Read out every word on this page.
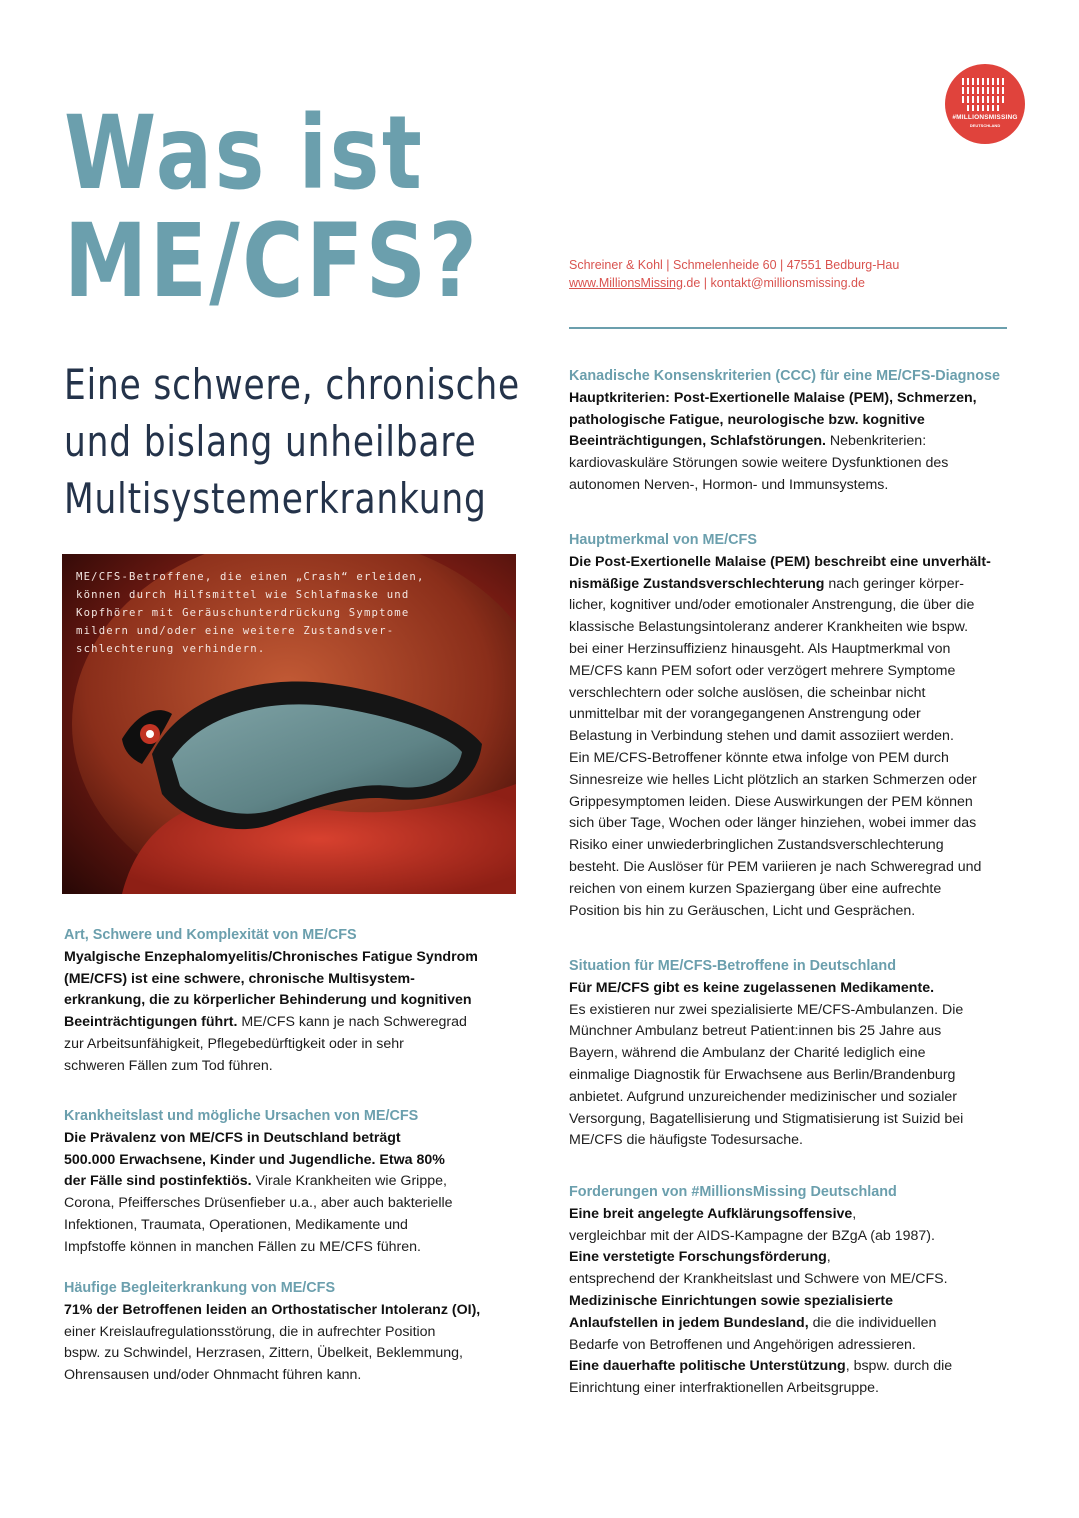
Was ist
ME/CFS?
Eine schwere, chronische
und bislang unheilbare
Multisystemerkrankung
#MILLIONSMISSING
DEUTSCHLAND
Schreiner & Kohl | Schmelenheide 60 | 47551 Bedburg-Hau
www.MillionsMissing.de | kontakt@millionsmissing.de
ME/CFS-Betroffene, die einen „Crash“ erleiden,
können durch Hilfsmittel wie Schlafmaske und
Kopfhörer mit Geräuschunterdrückung Symptome
mildern und/oder eine weitere Zustandsver-
schlechterung verhindern.
Art, Schwere und Komplexität von ME/CFS
Myalgische Enzephalomyelitis/Chronisches Fatigue Syndrom
(ME/CFS) ist eine schwere, chronische Multisystem-
erkrankung, die zu körperlicher Behinderung und kognitiven
Beeinträchtigungen führt. ME/CFS kann je nach Schweregrad
zur Arbeitsunfähigkeit, Pflegebedürftigkeit oder in sehr
schweren Fällen zum Tod führen.
Krankheitslast und mögliche Ursachen von ME/CFS
Die Prävalenz von ME/CFS in Deutschland beträgt
500.000 Erwachsene, Kinder und Jugendliche. Etwa 80%
der Fälle sind postinfektiös. Virale Krankheiten wie Grippe,
Corona, Pfeiffersches Drüsenfieber u.a., aber auch bakterielle
Infektionen, Traumata, Operationen, Medikamente und
Impfstoffe können in manchen Fällen zu ME/CFS führen.
Häufige Begleiterkrankung von ME/CFS
71% der Betroffenen leiden an Orthostatischer Intoleranz (OI),
einer Kreislaufregulationsstörung, die in aufrechter Position
bspw. zu Schwindel, Herzrasen, Zittern, Übelkeit, Beklemmung,
Ohrensausen und/oder Ohnmacht führen kann.
Kanadische Konsenskriterien (CCC) für eine ME/CFS-Diagnose
Hauptkriterien: Post-Exertionelle Malaise (PEM), Schmerzen,
pathologische Fatigue, neurologische bzw. kognitive
Beeinträchtigungen, Schlafstörungen. Nebenkriterien:
kardiovaskuläre Störungen sowie weitere Dysfunktionen des
autonomen Nerven-, Hormon- und Immunsystems.
Hauptmerkmal von ME/CFS
Die Post-Exertionelle Malaise (PEM) beschreibt eine unverhält-
nismäßige Zustandsverschlechterung nach geringer körper-
licher, kognitiver und/oder emotionaler Anstrengung, die über die
klassische Belastungsintoleranz anderer Krankheiten wie bspw.
bei einer Herzinsuffizienz hinausgeht. Als Hauptmerkmal von
ME/CFS kann PEM sofort oder verzögert mehrere Symptome
verschlechtern oder solche auslösen, die scheinbar nicht
unmittelbar mit der vorangegangenen Anstrengung oder
Belastung in Verbindung stehen und damit assoziiert werden.
Ein ME/CFS-Betroffener könnte etwa infolge von PEM durch
Sinnesreize wie helles Licht plötzlich an starken Schmerzen oder
Grippesymptomen leiden. Diese Auswirkungen der PEM können
sich über Tage, Wochen oder länger hinziehen, wobei immer das
Risiko einer unwiederbringlichen Zustandsverschlechterung
besteht. Die Auslöser für PEM variieren je nach Schweregrad und
reichen von einem kurzen Spaziergang über eine aufrechte
Position bis hin zu Geräuschen, Licht und Gesprächen.
Situation für ME/CFS-Betroffene in Deutschland
Für ME/CFS gibt es keine zugelassenen Medikamente.
Es existieren nur zwei spezialisierte ME/CFS-Ambulanzen. Die
Münchner Ambulanz betreut Patient:innen bis 25 Jahre aus
Bayern, während die Ambulanz der Charité lediglich eine
einmalige Diagnostik für Erwachsene aus Berlin/Brandenburg
anbietet. Aufgrund unzureichender medizinischer und sozialer
Versorgung, Bagatellisierung und Stigmatisierung ist Suizid bei
ME/CFS die häufigste Todesursache.
Forderungen von #MillionsMissing Deutschland
Eine breit angelegte Aufklärungsoffensive,
vergleichbar mit der AIDS-Kampagne der BZgA (ab 1987).
Eine verstetigte Forschungsförderung,
entsprechend der Krankheitslast und Schwere von ME/CFS.
Medizinische Einrichtungen sowie spezialisierte
Anlaufstellen in jedem Bundesland, die die individuellen
Bedarfe von Betroffenen und Angehörigen adressieren.
Eine dauerhafte politische Unterstützung, bspw. durch die
Einrichtung einer interfraktionellen Arbeitsgruppe.
